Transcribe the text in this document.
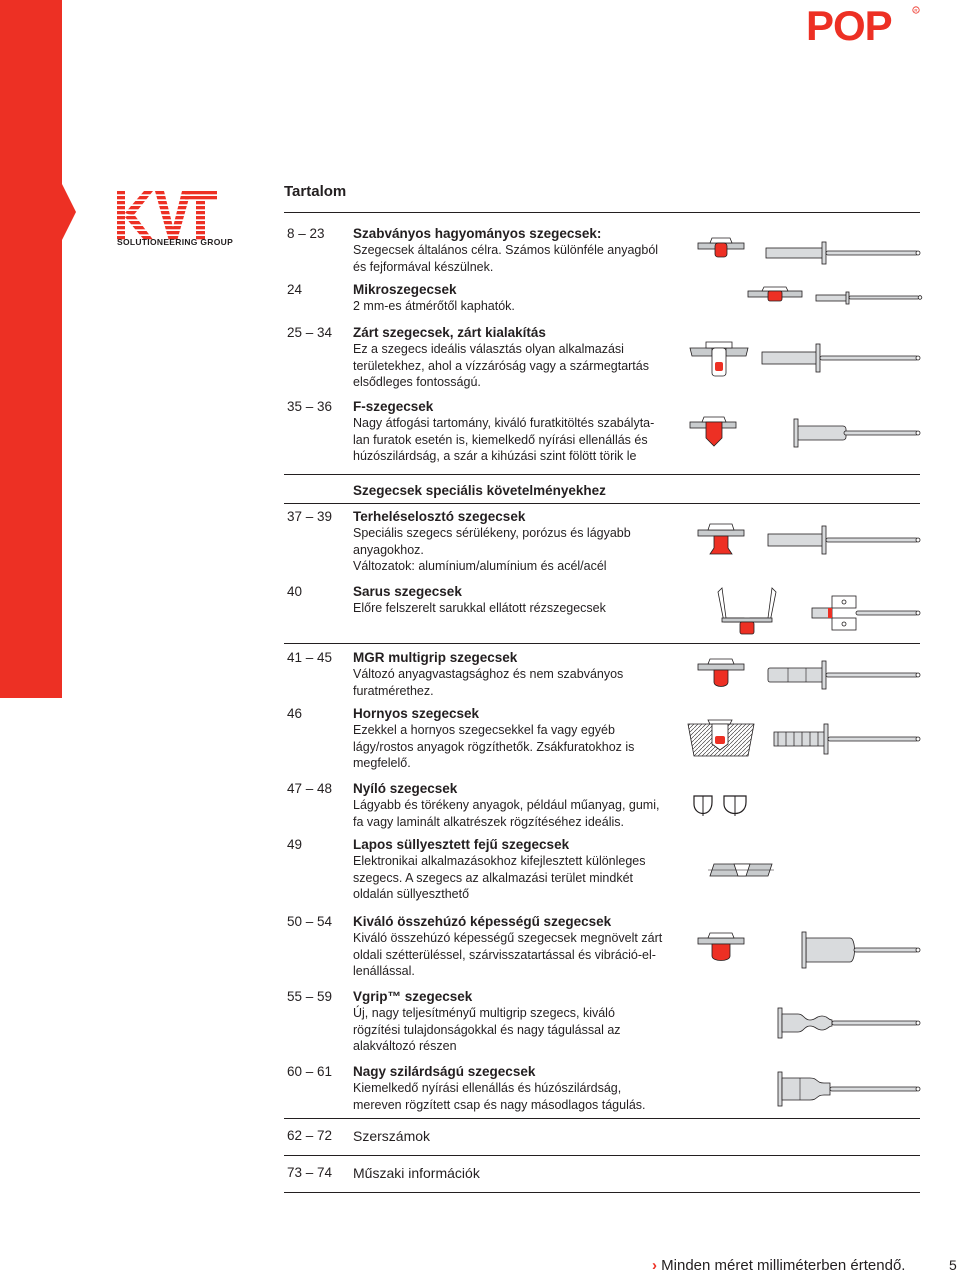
SOLUTIONEERING GROUP
POP	R
Tartalom
8 – 23 Szabványos hagyományos szegecsek:
Szegecsek általános célra. Számos különféle anyagból
és fejformával készülnek.
24	Mikroszegecsek
2 mm-es átmérőtől kaphatók.
25 – 34 Zárt szegecsek, zárt kialakítás
Ez a szegecs ideális választás olyan alkalmazási
területekhez, ahol a vízzáróság vagy a szármegtartás
elsődleges fontosságú.
35 – 36 F-szegecsek
Nagy átfogási tartomány, kiváló furatkitöltés szabályta-
lan furatok esetén is, kiemelkedő nyírási ellenállás és
húzószilárdság, a szár a kihúzási szint fölött törik le
Szegecsek speciális követelményekhez
37 – 39 Terheléselosztó szegecsek
Speciális szegecs sérülékeny, porózus és lágyabb
anyagokhoz.
Változatok: alumínium/alumínium és acél/acél
40	Sarus szegecsek
Előre felszerelt sarukkal ellátott rézszegecsek
41 – 45 MGR multigrip szegecsek
Változó anyagvastagsághoz és nem szabványos
furatmérethez.
46	Hornyos szegecsek
Ezekkel a hornyos szegecsekkel fa vagy egyéb
lágy/rostos anyagok rögzíthetők. Zsákfuratokhoz is
megfelelő.
47 – 48 Nyíló szegecsek
Lágyabb és törékeny anyagok, például műanyag, gumi,
fa vagy laminált alkatrészek rögzítéséhez ideális.
49	Lapos süllyesztett fejű szegecsek
Elektronikai alkalmazásokhoz kifejlesztett különleges
szegecs. A szegecs az alkalmazási terület mindkét
oldalán süllyeszthető
50 – 54 Kiváló összehúzó képességű szegecsek
Kiváló összehúzó képességű szegecsek megnövelt zárt
oldali szétterüléssel, szárvisszatartással és vibráció-el-
lenállással.
55 – 59 Vgrip™ szegecsek
Új, nagy teljesítményű multigrip szegecs, kiváló
rögzítési tulajdonságokkal és nagy tágulással az
alakváltozó részen
60 – 61 Nagy szilárdságú szegecsek
Kiemelkedő nyírási ellenállás és húzószilárdság,
mereven rögzített csap és nagy másodlagos tágulás.
62 – 72 Szerszámok
73 – 74 Műszaki információk
› Minden méret milliméterben értendő.	5
